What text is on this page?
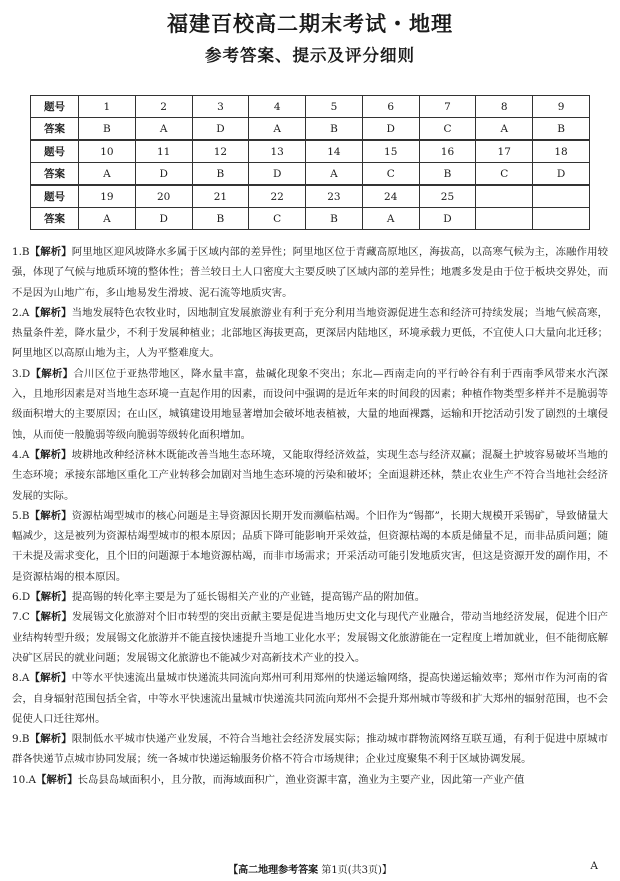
福建百校高二期末考试・地理
参考答案、提示及评分细则
题号	1	2	3	4	5	6	7	8	9
答案	B	A	D	A	B	D	C	A	B
题号	10	11	12	13	14	15	16	17	18
答案	A	D	B	D	A	C	B	C	D
题号	19	20	21	22	23	24	25		
答案	A	D	B	C	B	A	D		

1.B【解析】阿里地区迎风坡降水多属于区域内部的差异性；阿里地区位于青藏高原地区，海拔高，以高寒气候为主，冻融作用较强，体现了气候与地质环境的整体性；普兰较日土人口密度大主要反映了区域内部的差异性；地震多发是由于位于板块交界处，而不是因为山地广布，多山地易发生滑坡、泥石流等地质灾害。

2.A【解析】当地发展特色农牧业时，因地制宜发展旅游业有利于充分利用当地资源促进生态和经济可持续发展；当地气候高寒，热量条件差，降水量少，不利于发展种植业；北部地区海拔更高，更深居内陆地区，环境承载力更低，不宜使人口大量向北迁移；阿里地区以高原山地为主，人为平整难度大。

3.D【解析】合川区位于亚热带地区，降水量丰富，盐碱化现象不突出；东北—西南走向的平行岭谷有利于西南季风带来水汽深入，且地形因素是对当地生态环境一直起作用的因素，而设问中强调的是近年来的时间段的因素；种植作物类型多样并不是脆弱等级面积增大的主要原因；在山区，城镇建设用地显著增加会破坏地表植被，大量的地面裸露，运输和开挖活动引发了剧烈的土壤侵蚀，从而使一般脆弱等级向脆弱等级转化面积增加。

4.A【解析】坡耕地改种经济林木既能改善当地生态环境，又能取得经济效益，实现生态与经济双赢；混凝土护坡容易破坏当地的生态环境；承接东部地区重化工产业转移会加剧对当地生态环境的污染和破坏；全面退耕还林，禁止农业生产不符合当地社会经济发展的实际。

5.B【解析】资源枯竭型城市的核心问题是主导资源因长期开发而濒临枯竭。个旧作为“锡都”，长期大规模开采锡矿，导致储量大幅减少，这是被列为资源枯竭型城市的根本原因；品质下降可能影响开采效益，但资源枯竭的本质是储量不足，而非品质问题；随干未提及需求变化，且个旧的问题源于本地资源枯竭，而非市场需求；开采活动可能引发地质灾害，但这是资源开发的副作用，不是资源枯竭的根本原因。

6.D【解析】提高锡的转化率主要是为了延长锡相关产业的产业链，提高锡产品的附加值。

7.C【解析】发展锡文化旅游对个旧市转型的突出贡献主要是促进当地历史文化与现代产业融合，带动当地经济发展，促进个旧产业结构转型升级；发展锡文化旅游并不能直接快速提升当地工业化水平；发展锡文化旅游能在一定程度上增加就业，但不能彻底解决矿区居民的就业问题；发展锡文化旅游也不能减少对高新技术产业的投入。

8.A【解析】中等水平快速流出量城市快递流共同流向郑州可利用郑州的快递运输网络，提高快递运输效率；郑州市作为河南的省会，自身辐射范围包括全省，中等水平快速流出量城市快递流共同流向郑州不会提升郑州城市等级和扩大郑州的辐射范围，也不会促使人口迁往郑州。

9.B【解析】限制低水平城市快递产业发展，不符合当地社会经济发展实际；推动城市群物流网络互联互通，有利于促进中原城市群各快递节点城市协同发展；统一各城市快递运输服务价格不符合市场规律；企业过度聚集不利于区域协调发展。

10.A【解析】长岛县岛域面积小，且分散，而海域面积广，渔业资源丰富，渔业为主要产业，因此第一产业产值

【高二地理参考答案 第1页(共3页)】	A
